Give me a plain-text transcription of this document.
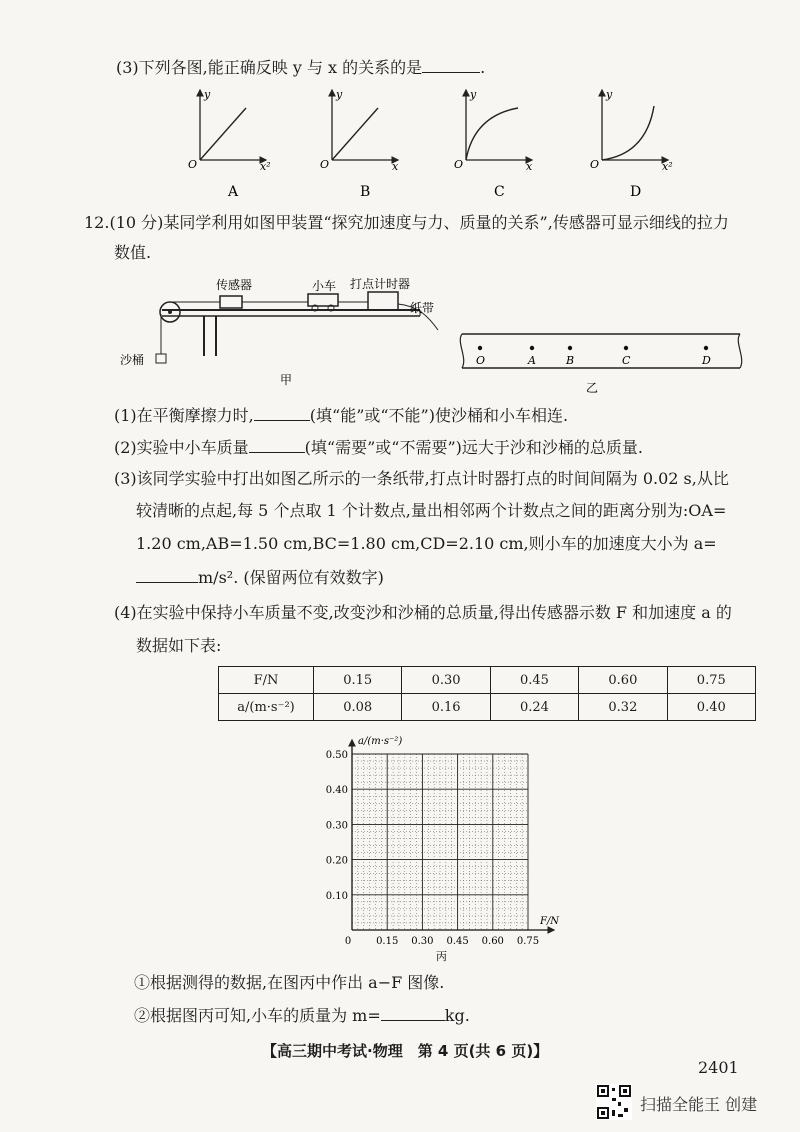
(3)下列各图,能正确反映 y 与 x 的关系的是	.
y
x²
O
A
y
x
O
B
y
x
O
C
y
x²
O
D
12.(10 分)某同学利用如图甲装置“探究加速度与力、质量的关系”,传感器可显示细线的拉力
数值.
沙桶
传感器	小车 打点计时器
纸带
甲
O	A	B	C	D
乙
(1)在平衡摩擦力时,	(填“能”或“不能”)使沙桶和小车相连.
(2)实验中小车质量	(填“需要”或“不需要”)远大于沙和沙桶的总质量.
(3)该同学实验中打出如图乙所示的一条纸带,打点计时器打点的时间间隔为 0.02 s,从比
较清晰的点起,每 5 个点取 1 个计数点,量出相邻两个计数点之间的距离分别为:OA=
1.20 cm,AB=1.50 cm,BC=1.80 cm,CD=2.10 cm,则小车的加速度大小为 a=
m/s². (保留两位有效数字)
(4)在实验中保持小车质量不变,改变沙和沙桶的总质量,得出传感器示数 F 和加速度 a 的
数据如下表:
F/N	0.15	0.30	0.45	0.60	0.75
a/(m·s⁻²)	0.08	0.16	0.24	0.32	0.40
0.50
0.40
0.30
0.20
0.10
0 0.15 0.30 0.45 0.60 0.75
a/(m·s⁻²)
F/N
丙
①根据测得的数据,在图丙中作出 a−F 图像.
②根据图丙可知,小车的质量为 m=	kg.
【高三期中考试·物理　第 4 页(共 6 页)】
2401
扫描全能王 创建
